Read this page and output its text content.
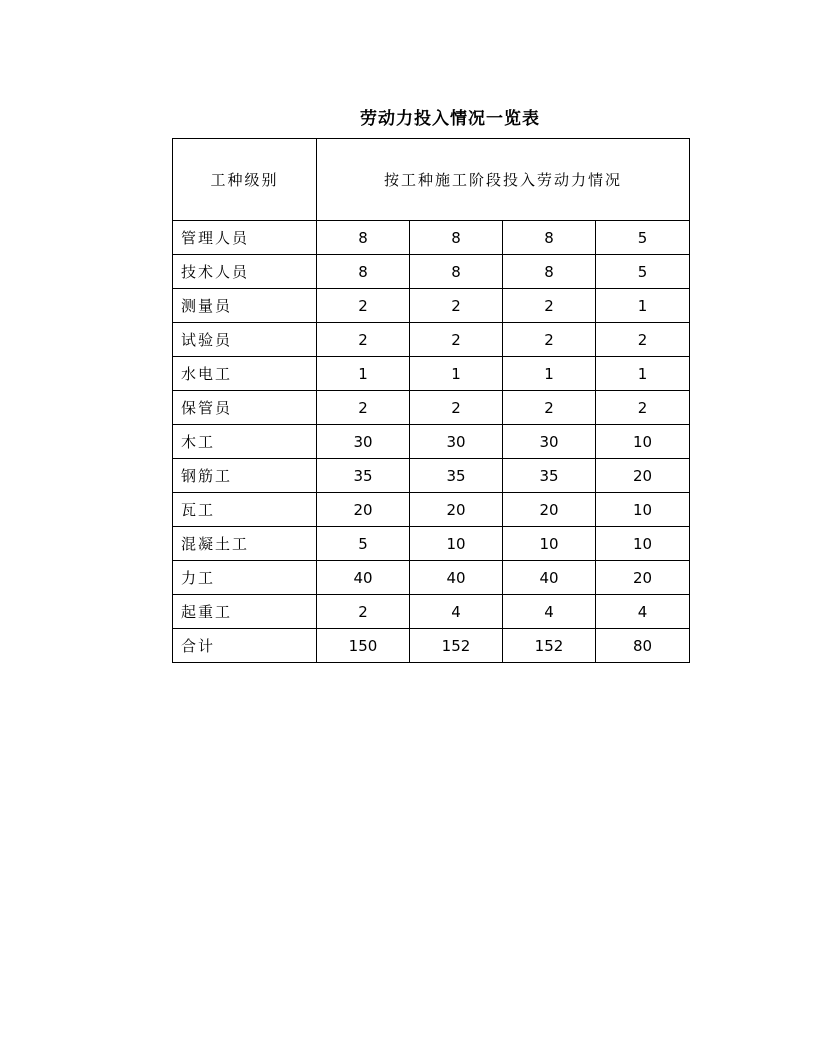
劳动力投入情况一览表
工种级别	按工种施工阶段投入劳动力情况			
管理人员	8	8	8	5
技术人员	8	8	8	5
测量员	2	2	2	1
试验员	2	2	2	2
水电工	1	1	1	1
保管员	2	2	2	2
木工	30	30	30	10
钢筋工	35	35	35	20
瓦工	20	20	20	10
混凝土工	5	10	10	10
力工	40	40	40	20
起重工	2	4	4	4
合计	150	152	152	80
